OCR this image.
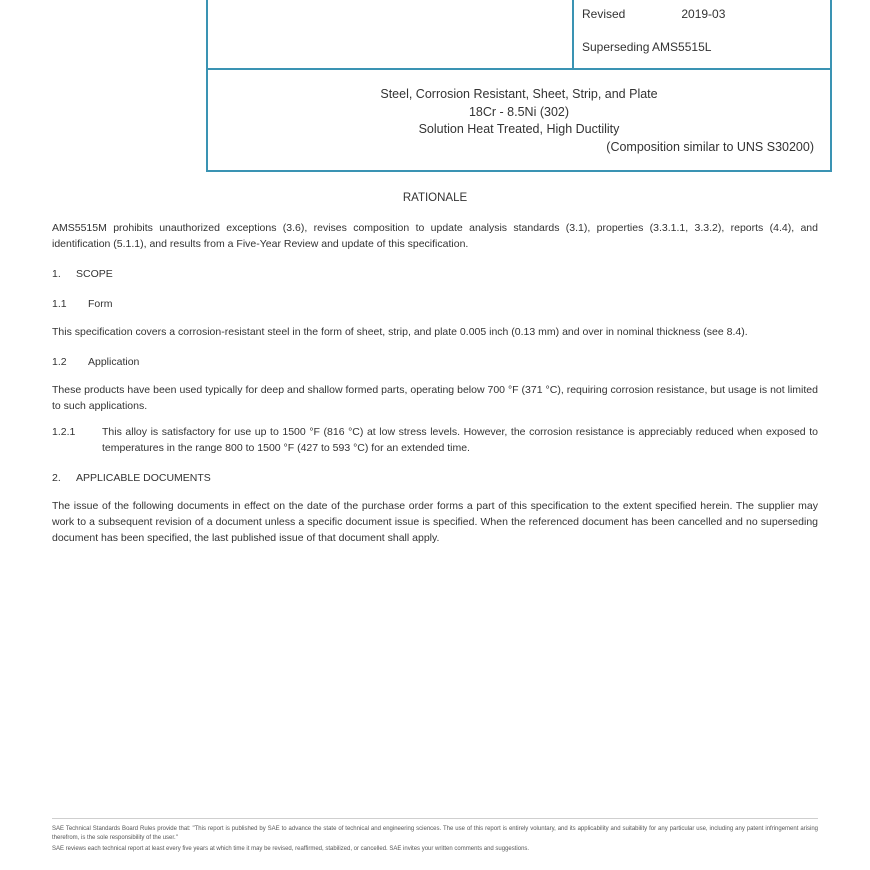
Revised	2019-03
Superseding AMS5515L
Steel, Corrosion Resistant, Sheet, Strip, and Plate
18Cr - 8.5Ni (302)
Solution Heat Treated, High Ductility
(Composition similar to UNS S30200)
RATIONALE

AMS5515M prohibits unauthorized exceptions (3.6), revises composition to update analysis standards (3.1), properties (3.3.1.1, 3.3.2), reports (4.4), and identification (5.1.1), and results from a Five-Year Review and update of this specification.

1. SCOPE
1.1 Form

This specification covers a corrosion-resistant steel in the form of sheet, strip, and plate 0.005 inch (0.13 mm) and over in nominal thickness (see 8.4).

1.2 Application

These products have been used typically for deep and shallow formed parts, operating below 700 °F (371 °C), requiring corrosion resistance, but usage is not limited to such applications.

1.2.1	This alloy is satisfactory for use up to 1500 °F (816 °C) at low stress levels. However, the corrosion resistance is appreciably reduced when exposed to temperatures in the range 800 to 1500 °F (427 to 593 °C) for an extended time.
2. APPLICABLE DOCUMENTS

The issue of the following documents in effect on the date of the purchase order forms a part of this specification to the extent specified herein. The supplier may work to a subsequent revision of a document unless a specific document issue is specified. When the referenced document has been cancelled and no superseding document has been specified, the last published issue of that document shall apply.

SAE Technical Standards Board Rules provide that: "This report is published by SAE to advance the state of technical and engineering sciences. The use of this report is entirely voluntary, and its applicability and suitability for any particular use, including any patent infringement arising therefrom, is the sole responsibility of the user."

SAE reviews each technical report at least every five years at which time it may be revised, reaffirmed, stabilized, or cancelled. SAE invites your written comments and suggestions.
